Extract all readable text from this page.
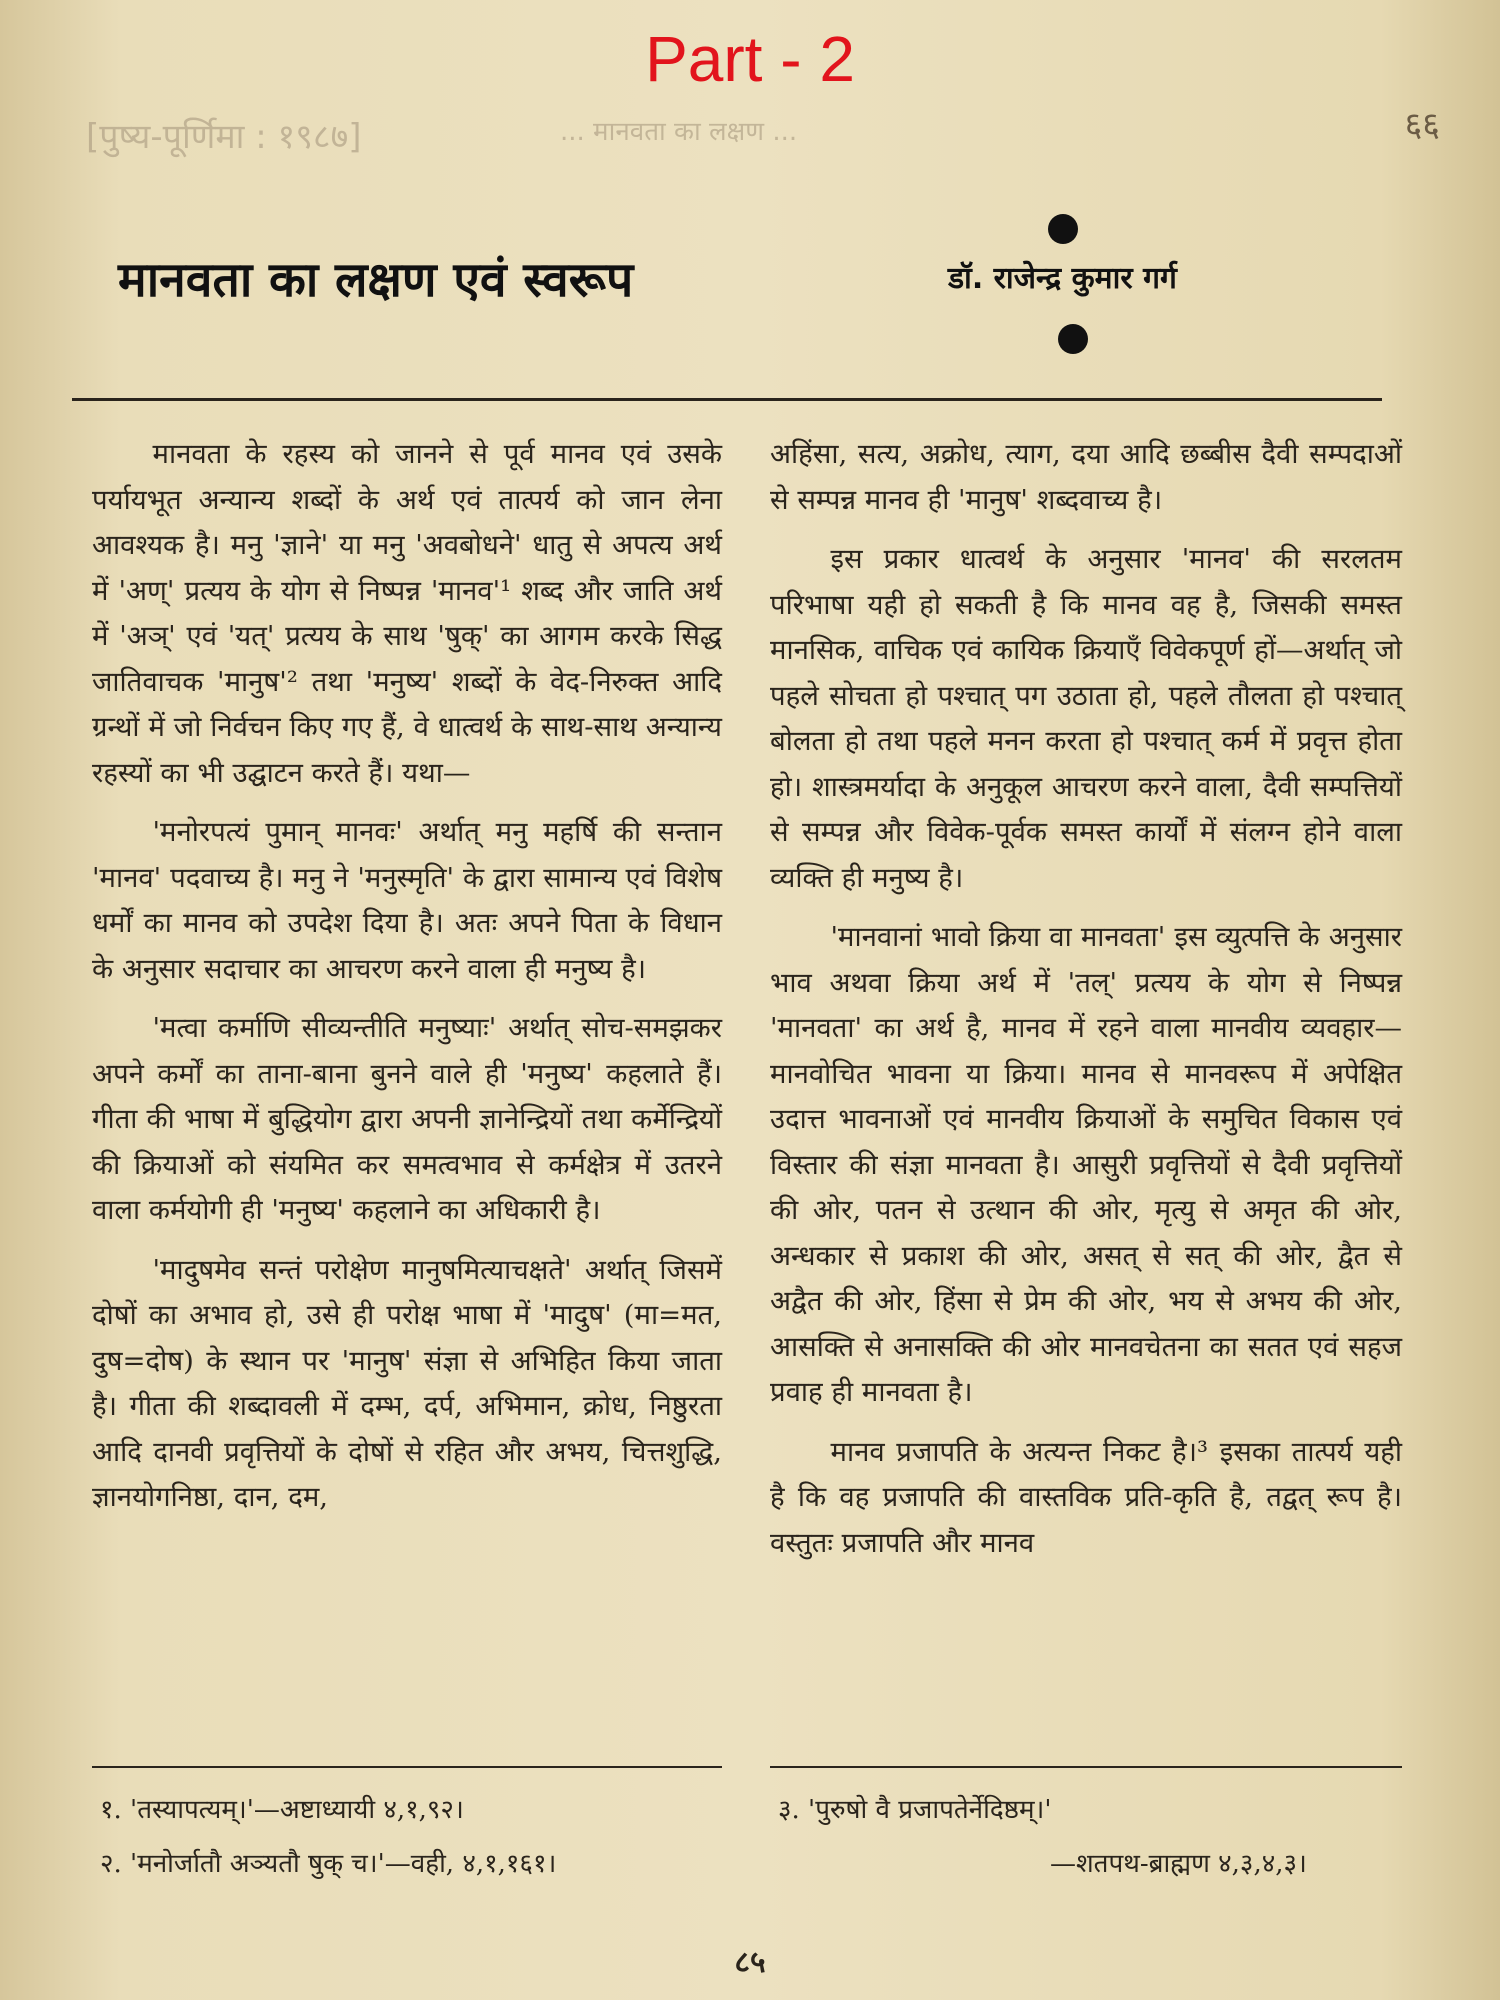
Part - 2
[पुष्य-पूर्णिमा : १९८७]	... मानवता का लक्षण ...	६६
मानवता का लक्षण एवं स्वरूप	डॉ. राजेन्द्र कुमार गर्ग

मानवता के रहस्य को जानने से पूर्व मानव एवं उसके पर्यायभूत अन्यान्य शब्दों के अर्थ एवं तात्पर्य को जान लेना आवश्यक है। मनु 'ज्ञाने' या मनु 'अवबोधने' धातु से अपत्य अर्थ में 'अण्' प्रत्यय के योग से निष्पन्न 'मानव'¹ शब्द और जाति अर्थ में 'अञ्' एवं 'यत्' प्रत्यय के साथ 'षुक्' का आगम करके सिद्ध जातिवाचक 'मानुष'² तथा 'मनुष्य' शब्दों के वेद-निरुक्त आदि ग्रन्थों में जो निर्वचन किए गए हैं, वे धात्वर्थ के साथ-साथ अन्यान्य रहस्यों का भी उद्घाटन करते हैं। यथा—

'मनोरपत्यं पुमान् मानवः' अर्थात् मनु महर्षि की सन्तान 'मानव' पदवाच्य है। मनु ने 'मनुस्मृति' के द्वारा सामान्य एवं विशेष धर्मों का मानव को उपदेश दिया है। अतः अपने पिता के विधान के अनुसार सदाचार का आचरण करने वाला ही मनुष्य है।

'मत्वा कर्माणि सीव्यन्तीति मनुष्याः' अर्थात् सोच-समझकर अपने कर्मों का ताना-बाना बुनने वाले ही 'मनुष्य' कहलाते हैं। गीता की भाषा में बुद्धियोग द्वारा अपनी ज्ञानेन्द्रियों तथा कर्मेन्द्रियों की क्रियाओं को संयमित कर समत्वभाव से कर्मक्षेत्र में उतरने वाला कर्मयोगी ही 'मनुष्य' कहलाने का अधिकारी है।

'मादुषमेव सन्तं परोक्षेण मानुषमित्याचक्षते' अर्थात् जिसमें दोषों का अभाव हो, उसे ही परोक्ष भाषा में 'मादुष' (मा=मत, दुष=दोष) के स्थान पर 'मानुष' संज्ञा से अभिहित किया जाता है। गीता की शब्दावली में दम्भ, दर्प, अभिमान, क्रोध, निष्ठुरता आदि दानवी प्रवृत्तियों के दोषों से रहित और अभय, चित्तशुद्धि, ज्ञानयोगनिष्ठा, दान, दम,

अहिंसा, सत्य, अक्रोध, त्याग, दया आदि छब्बीस दैवी सम्पदाओं से सम्पन्न मानव ही 'मानुष' शब्दवाच्य है।

इस प्रकार धात्वर्थ के अनुसार 'मानव' की सरलतम परिभाषा यही हो सकती है कि मानव वह है, जिसकी समस्त मानसिक, वाचिक एवं कायिक क्रियाएँ विवेकपूर्ण हों—अर्थात् जो पहले सोचता हो पश्चात् पग उठाता हो, पहले तौलता हो पश्चात् बोलता हो तथा पहले मनन करता हो पश्चात् कर्म में प्रवृत्त होता हो। शास्त्रमर्यादा के अनुकूल आचरण करने वाला, दैवी सम्पत्तियों से सम्पन्न और विवेक-पूर्वक समस्त कार्यों में संलग्न होने वाला व्यक्ति ही मनुष्य है।

'मानवानां भावो क्रिया वा मानवता' इस व्युत्पत्ति के अनुसार भाव अथवा क्रिया अर्थ में 'तल्' प्रत्यय के योग से निष्पन्न 'मानवता' का अर्थ है, मानव में रहने वाला मानवीय व्यवहार—मानवोचित भावना या क्रिया। मानव से मानवरूप में अपेक्षित उदात्त भावनाओं एवं मानवीय क्रियाओं के समुचित विकास एवं विस्तार की संज्ञा मानवता है। आसुरी प्रवृत्तियों से दैवी प्रवृत्तियों की ओर, पतन से उत्थान की ओर, मृत्यु से अमृत की ओर, अन्धकार से प्रकाश की ओर, असत् से सत् की ओर, द्वैत से अद्वैत की ओर, हिंसा से प्रेम की ओर, भय से अभय की ओर, आसक्ति से अनासक्ति की ओर मानवचेतना का सतत एवं सहज प्रवाह ही मानवता है।

मानव प्रजापति के अत्यन्त निकट है।³ इसका तात्पर्य यही है कि वह प्रजापति की वास्तविक प्रति-कृति है, तद्वत् रूप है। वस्तुतः प्रजापति और मानव

१. 'तस्यापत्यम्।'—अष्टाध्यायी ४,१,९२।
२. 'मनोर्जातौ अञ्यतौ षुक् च।'—वही, ४,१,१६१।
३. 'पुरुषो वै प्रजापतेर्नेदिष्ठम्।'
—शतपथ-ब्राह्मण ४,३,४,३।
८५
